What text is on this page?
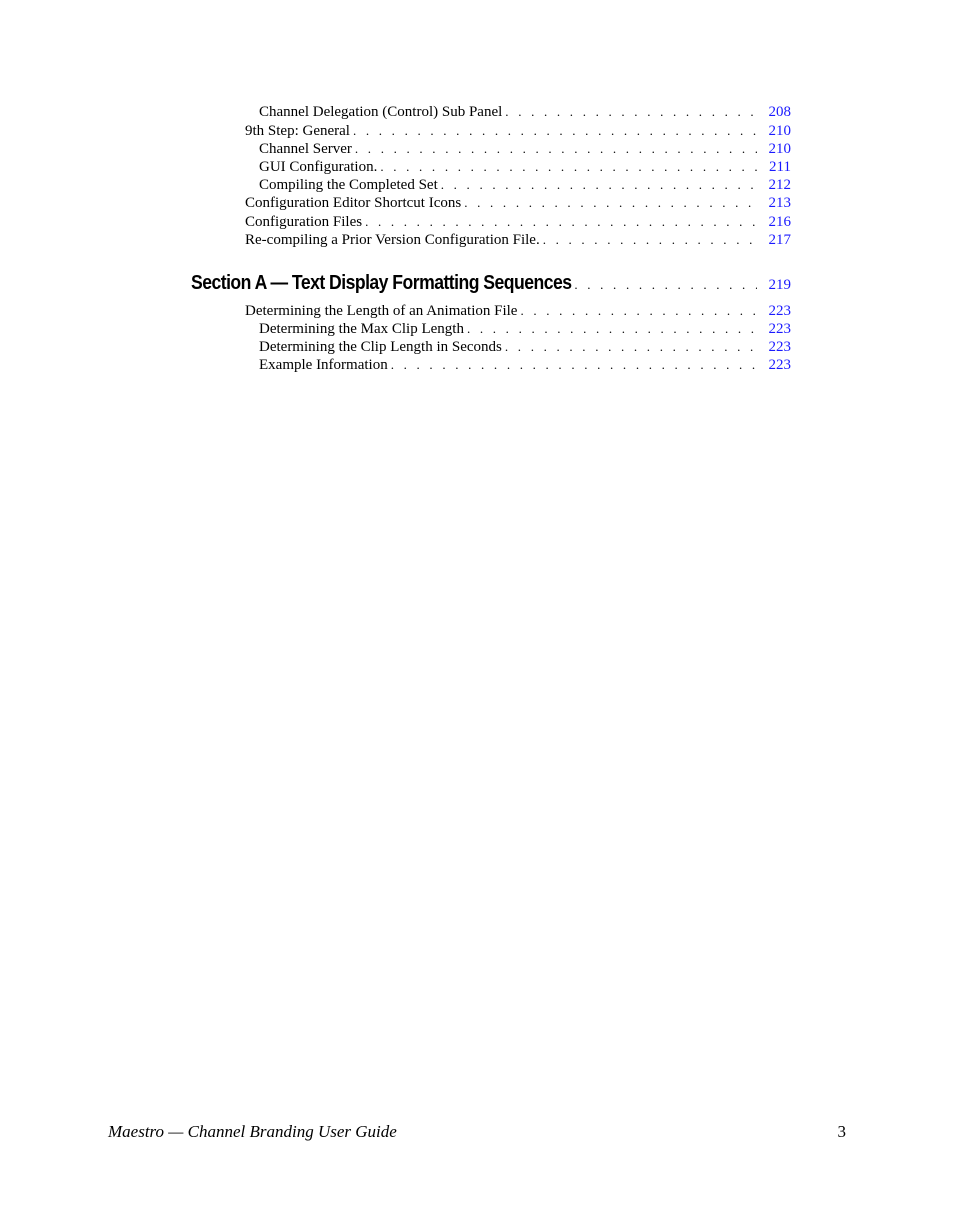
Channel Delegation (Control) Sub Panel . . .	208
9th Step: General . . .	210
Channel Server . . .	210
GUI Configuration. . . .	211
Compiling the Completed Set . . .	212
Configuration Editor Shortcut Icons . . .	213
Configuration Files . . .	216
Re-compiling a Prior Version Configuration File. . . .	217
Section A — Text Display Formatting Sequences . . .	219
Determining the Length of an Animation File . . .	223
Determining the Max Clip Length . . .	223
Determining the Clip Length in Seconds . . .	223
Example Information . . .	223
Maestro — Channel Branding User Guide	3
